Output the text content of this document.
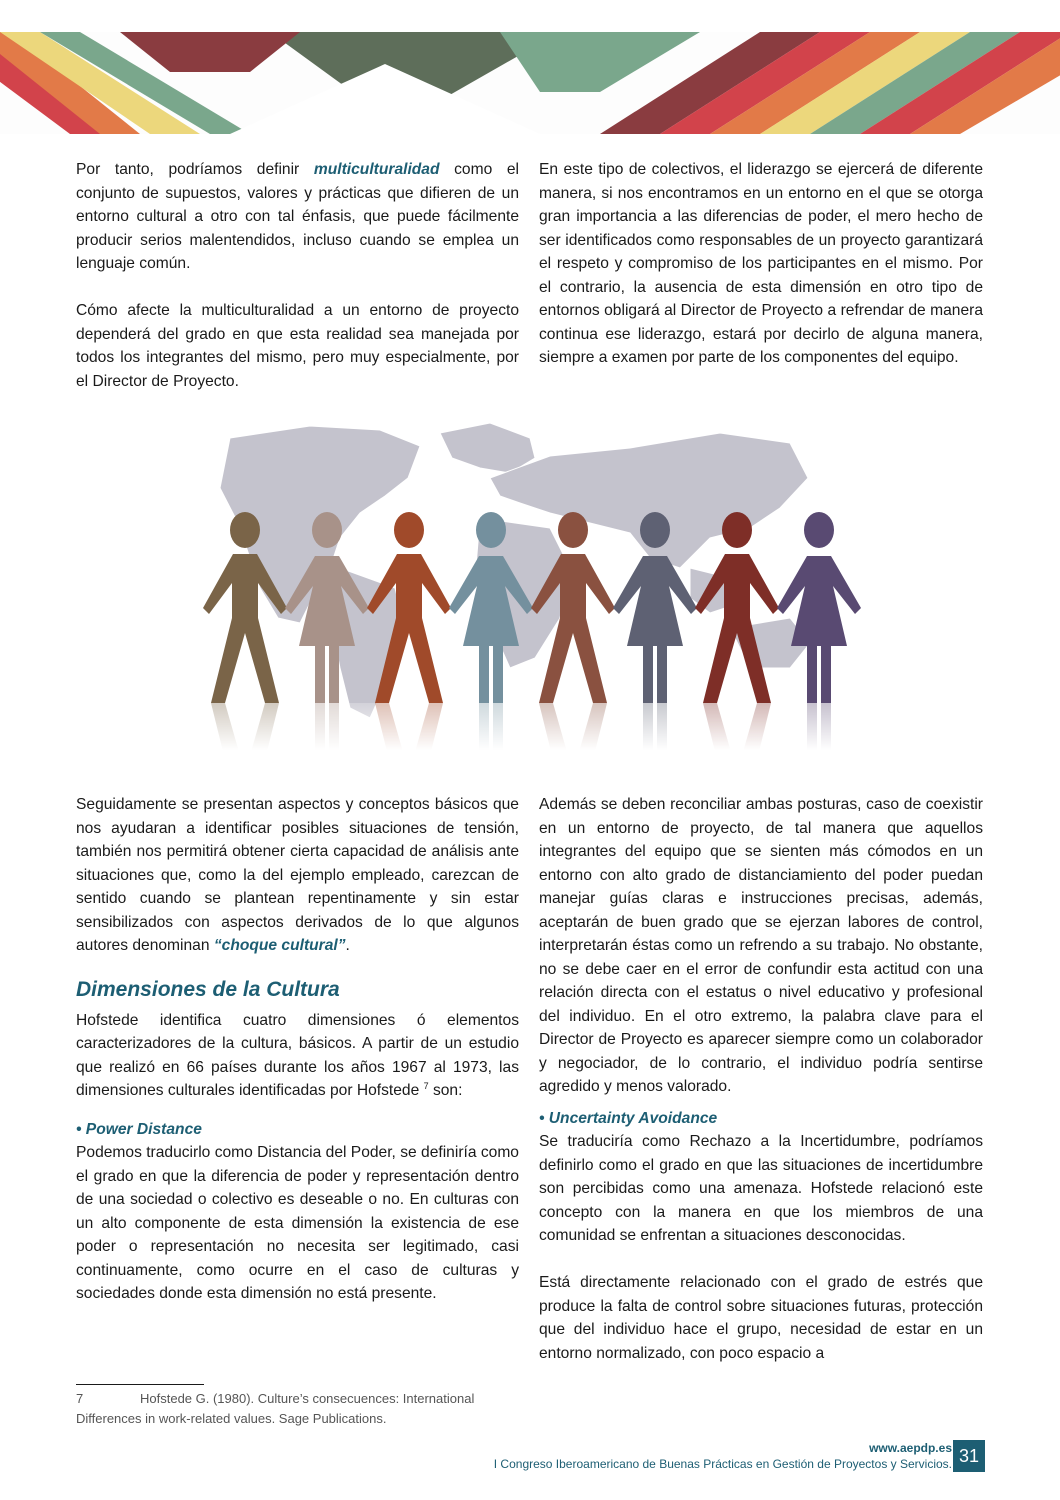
Por tanto, podríamos definir multiculturalidad como el conjunto de supuestos, valores y prácticas que difieren de un entorno cultural a otro con tal énfasis, que puede fácilmente producir serios malentendidos, incluso cuando se emplea un lenguaje común.

Cómo afecte la multiculturalidad a un entorno de proyecto dependerá del grado en que esta realidad sea manejada por todos los integrantes del mismo, pero muy especialmente, por el Director de Proyecto.

En este tipo de colectivos, el liderazgo se ejercerá de diferente manera, si nos encontramos en un entorno en el que se otorga gran importancia a las diferencias de poder, el mero hecho de ser identificados como responsables de un proyecto garantizará el respeto y compromiso de los participantes en el mismo. Por el contrario, la ausencia de esta dimensión en otro tipo de entornos obligará al Director de Proyecto a refrendar de manera continua ese liderazgo, estará por decirlo de alguna manera, siempre a examen por parte de los componentes del equipo.

Seguidamente se presentan aspectos y conceptos básicos que nos ayudaran a identificar posibles situaciones de tensión, también nos permitirá obtener cierta capacidad de análisis ante situaciones que, como la del ejemplo empleado, carezcan de sentido cuando se plantean repentinamente y sin estar sensibilizados con aspectos derivados de lo que algunos autores denominan “choque cultural”.

Dimensiones de la Cultura

Hofstede identifica cuatro dimensiones ó elementos caracterizadores de la cultura, básicos. A partir de un estudio que realizó en 66 países durante los años 1967 al 1973, las dimensiones culturales identificadas por Hofstede $^7$ son:

• Power Distance

Podemos traducirlo como Distancia del Poder, se definiría como el grado en que la diferencia de poder y representación dentro de una sociedad o colectivo es deseable o no. En culturas con un alto componente de esta dimensión la existencia de ese poder o representación no necesita ser legitimado, casi continuamente, como ocurre en el caso de culturas y sociedades donde esta dimensión no está presente.

Además se deben reconciliar ambas posturas, caso de coexistir en un entorno de proyecto, de tal manera que aquellos integrantes del equipo que se sienten más cómodos en un entorno con alto grado de distanciamiento del poder puedan manejar guías claras e instrucciones precisas, además, aceptarán de buen grado que se ejerzan labores de control, interpretarán éstas como un refrendo a su trabajo. No obstante, no se debe caer en el error de confundir esta actitud con una relación directa con el estatus o nivel educativo y profesional del individuo. En el otro extremo, la palabra clave para el Director de Proyecto es aparecer siempre como un colaborador y negociador, de lo contrario, el individuo podría sentirse agredido y menos valorado.

• Uncertainty Avoidance

Se traduciría como Rechazo a la Incertidumbre, podríamos definirlo como el grado en que las situaciones de incertidumbre son percibidas como una amenaza. Hofstede relacionó este concepto con la manera en que los miembros de una comunidad se enfrentan a situaciones desconocidas.

Está directamente relacionado con el grado de estrés que produce la falta de control sobre situaciones futuras, protección que del individuo hace el grupo, necesidad de estar en un entorno normalizado, con poco espacio a

7	Hofstede G. (1980). Culture’s consecuences: International Differences in work-related values. Sage Publications.
www.aepdp.es
I Congreso Iberoamericano de Buenas Prácticas en Gestión de Proyectos y Servicios. 31
